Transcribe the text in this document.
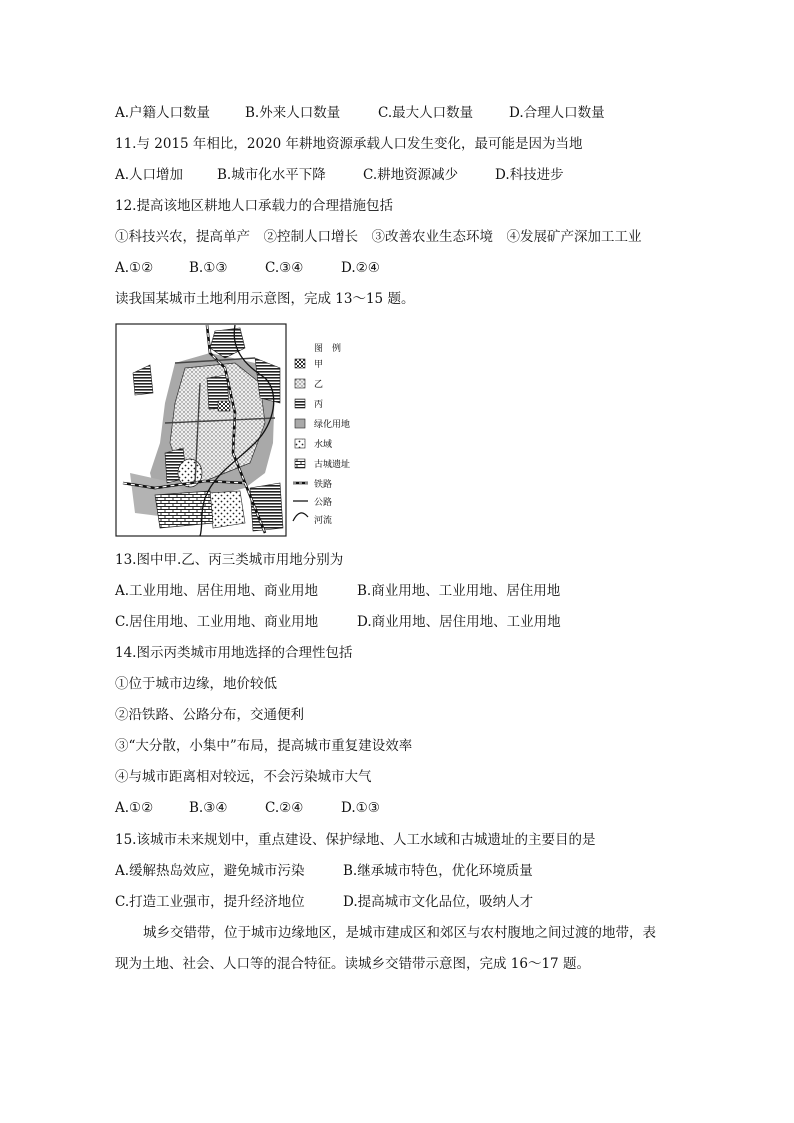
A.户籍人口数量	B.外来人口数量	C.最大人口数量	D.合理人口数量
11.与 2015 年相比，2020 年耕地资源承载人口发生变化，最可能是因为当地
A.人口增加	B.城市化水平下降	C.耕地资源减少	D.科技进步
12.提高该地区耕地人口承载力的合理措施包括
①科技兴农，提高单产　②控制人口增长　③改善农业生态环境　④发展矿产深加工工业
A.①②	B.①③	C.③④	D.②④
读我国某城市土地利用示意图，完成 13～15 题。
图　例
甲
乙
丙
绿化用地
水域
古城遗址
铁路
公路
河流
13.图中甲.乙、丙三类城市用地分别为
A.工业用地、居住用地、商业用地	B.商业用地、工业用地、居住用地
C.居住用地、工业用地、商业用地	D.商业用地、居住用地、工业用地
14.图示丙类城市用地选择的合理性包括
①位于城市边缘，地价较低
②沿铁路、公路分布，交通便利
③“大分散，小集中”布局，提高城市重复建设效率
④与城市距离相对较远，不会污染城市大气
A.①②	B.③④	C.②④	D.①③
15.该城市未来规划中，重点建设、保护绿地、人工水域和古城遗址的主要目的是
A.缓解热岛效应，避免城市污染	B.继承城市特色，优化环境质量
C.打造工业强市，提升经济地位	D.提高城市文化品位，吸纳人才
城乡交错带，位于城市边缘地区，是城市建成区和郊区与农村腹地之间过渡的地带，表
现为土地、社会、人口等的混合特征。读城乡交错带示意图，完成 16～17 题。
